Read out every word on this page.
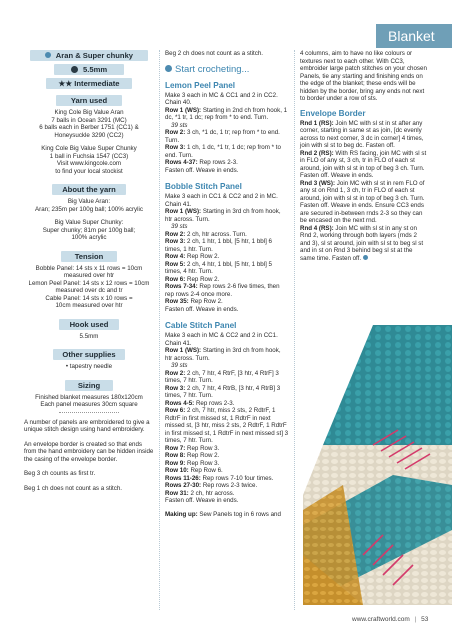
Blanket
Aran & Super chunky
5.5mm
★★ Intermediate
Yarn used
King Cole Big Value Aran
7 balls in Ocean 3291 (MC)
6 balls each in Berber 1751 (CC1) &
Honeysuckle 3290 (CC2)
King Cole Big Value Super Chunky
1 ball in Fuchsia 1547 (CC3)
Visit www.kingcole.com
to find your local stockist
About the yarn
Big Value Aran:
Aran; 235m per 100g ball; 100% acrylic
Big Value Super Chunky:
Super chunky; 81m per 100g ball;
100% acrylic
Tension
Bobble Panel: 14 sts x 11 rows = 10cm
measured over htr
Lemon Peel Panel: 14 sts x 12 rows = 10cm
measured over dc and tr
Cable Panel: 14 sts x 10 rows =
10cm measured over htr
Hook used
5.5mm
Other supplies
• tapestry needle
Sizing
Finished blanket measures 180x120cm
Each panel measures 30cm square
A number of panels are embroidered to give a unique stitch design using hand embroidery.
An envelope border is created so that ends from the hand embroidery can be hidden inside the casing of the envelope border.
Beg 3 ch counts as first tr.
Beg 1 ch does not count as a stitch.
Beg 2 ch does not count as a stitch.
Start crocheting...
Lemon Peel Panel
Make 3 each in MC & CC1 and 2 in CC2.
Chain 40.
Row 1 (WS): Starting in 2nd ch from hook, 1 dc, *1 tr, 1 dc; rep from * to end. Turn.
39 sts
Row 2: 3 ch, *1 dc, 1 tr; rep from * to end. Turn.
Row 3: 1 ch, 1 dc, *1 tr, 1 dc; rep from * to end. Turn.
Rows 4-37: Rep rows 2-3.
Fasten off. Weave in ends.
Bobble Stitch Panel
Make 3 each in CC1 & CC2 and 2 in MC.
Chain 41.
Row 1 (WS): Starting in 3rd ch from hook, htr across. Turn.
39 sts
Row 2: 2 ch, htr across. Turn.
Row 3: 2 ch, 1 htr, 1 bbl, [5 htr, 1 bbl] 6 times, 1 htr. Turn.
Row 4: Rep Row 2.
Row 5: 2 ch, 4 htr, 1 bbl, [5 htr, 1 bbl] 5 times, 4 htr. Turn.
Row 6: Rep Row 2.
Rows 7-34: Rep rows 2-6 five times, then rep rows 2-4 once more.
Row 35: Rep Row 2.
Fasten off. Weave in ends.
Cable Stitch Panel
Make 3 each in MC & CC2 and 2 in CC1.
Chain 41.
Row 1 (WS): Starting in 3rd ch from hook, htr across. Turn.
39 sts
Row 2: 2 ch, 7 htr, 4 RtrF, [3 htr, 4 RtrF] 3 times, 7 htr. Turn.
Row 3: 2 ch, 7 htr, 4 RtrB, [3 htr, 4 RtrB] 3 times, 7 htr. Turn.
Rows 4-5: Rep rows 2-3.
Row 6: 2 ch, 7 htr, miss 2 sts, 2 RdtrF, 1 RdtrF in first missed st, 1 RdtrF in next missed st, [3 htr, miss 2 sts, 2 RdtrF, 1 RdtrF in first missed st, 1 RdtrF in next missed st] 3 times, 7 htr. Turn.
Row 7: Rep Row 3.
Row 8: Rep Row 2.
Row 9: Rep Row 3.
Row 10: Rep Row 6.
Rows 11-26: Rep rows 7-10 four times.
Rows 27-30: Rep rows 2-3 twice.
Row 31: 2 ch, htr across.
Fasten off. Weave in ends.
Making up: Sew Panels tog in 6 rows and
4 columns, aim to have no like colours or textures next to each other. With CC3, embroider large patch stitches on your chosen Panels, tie any starting and finishing ends on the edge of the blanket; these ends will be hidden by the border, bring any ends not next to border under a row of sts.
Envelope Border
Rnd 1 (RS): Join MC with sl st in st after any corner, starting in same st as join, [dc evenly across to next corner, 3 dc in corner] 4 times, join with sl st to beg dc. Fasten off.
Rnd 2 (RS): With RS facing, join MC with sl st in FLO of any st, 3 ch, tr in FLO of each st around, join with sl st in top of beg 3 ch. Turn.
Fasten off. Weave in ends.
Rnd 3 (WS): Join MC with sl st in rem FLO of any st on Rnd 1, 3 ch, tr in FLO of each st around, join with sl st in top of beg 3 ch. Turn.
Fasten off. Weave in ends. Ensure CC3 ends are secured in-between rnds 2-3 so they can be encased on the next rnd.
Rnd 4 (RS): Join MC with sl st in any st on Rnd 2, working through both layers (rnds 2 and 3), sl st around, join with sl st to beg sl st and in st on Rnd 3 behind beg sl st at the same time. Fasten off.
www.craftworld.com | 53
